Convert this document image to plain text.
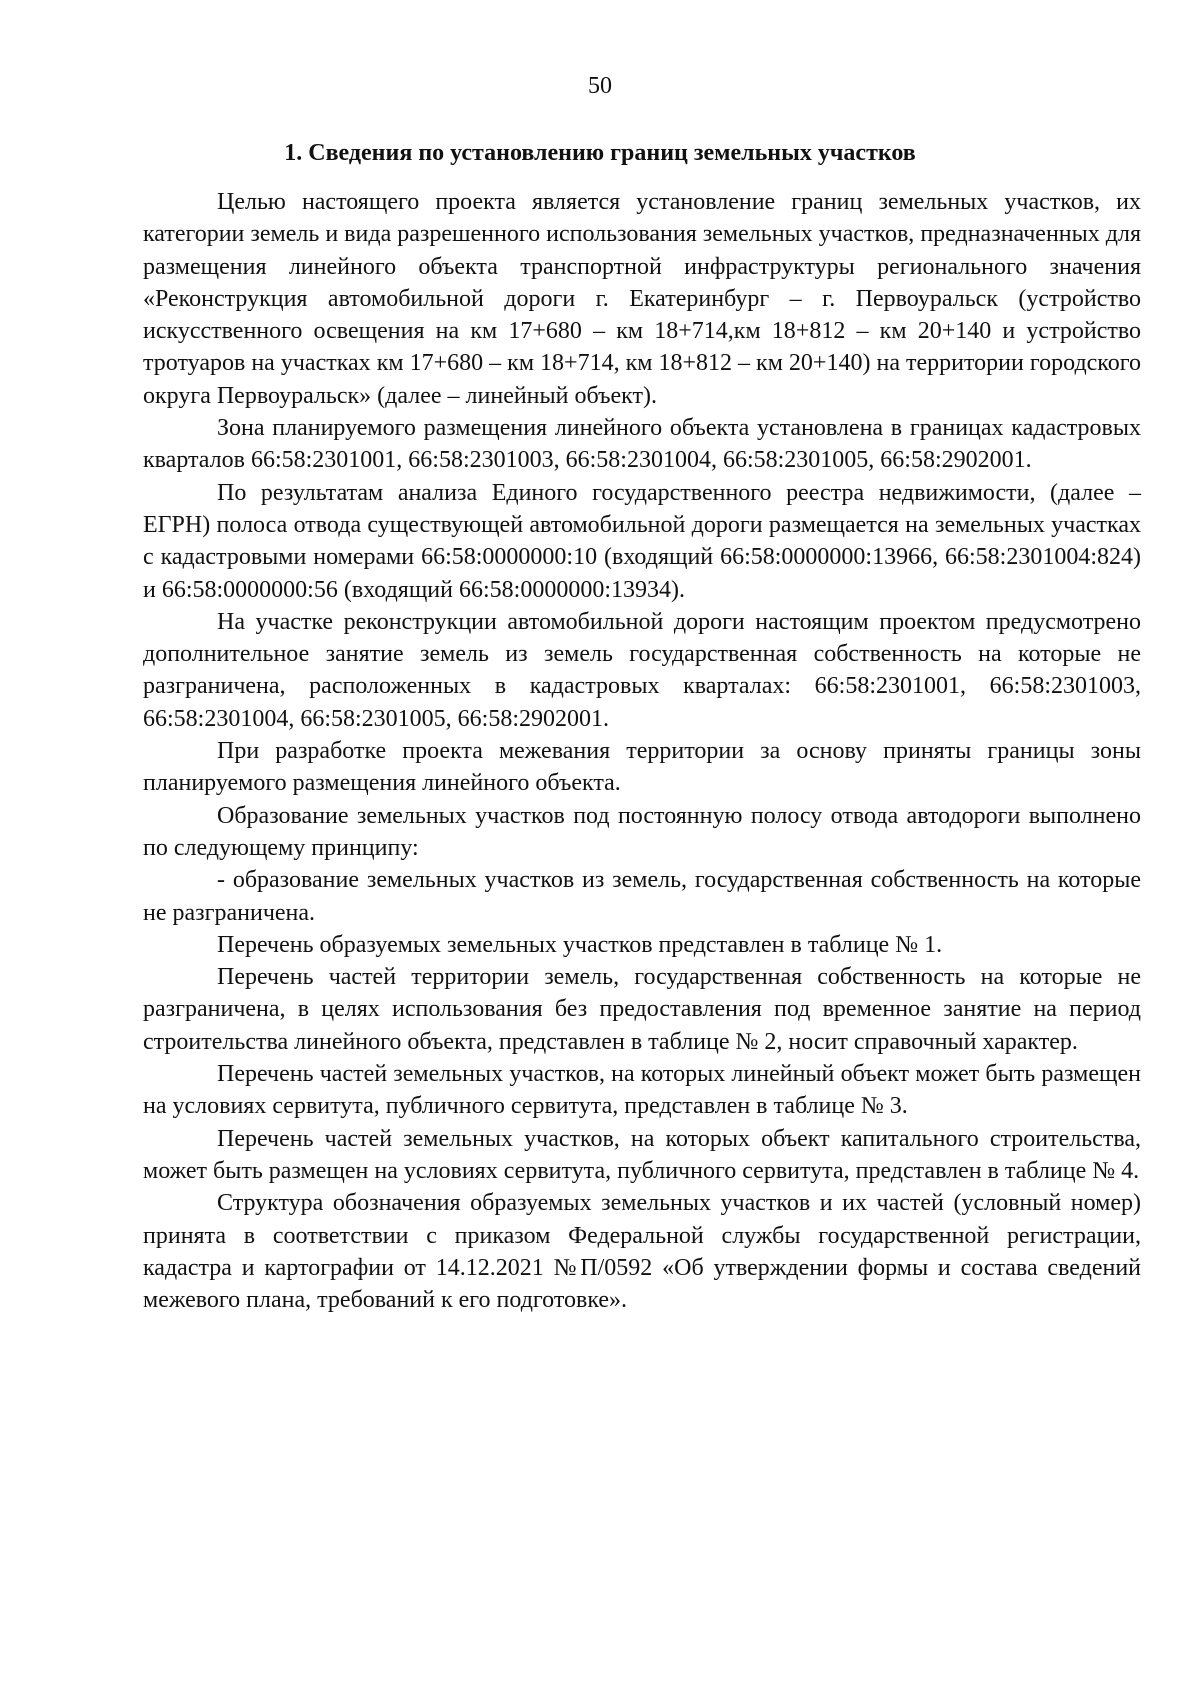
50
1. Сведения по установлению границ земельных участков

Целью настоящего проекта является установление границ земельных участков, их категории земель и вида разрешенного использования земельных участков, предназначенных для размещения линейного объекта транспортной инфраструктуры регионального значения «Реконструкция автомобильной дороги г. Екатеринбург – г. Первоуральск (устройство искусственного освещения на км 17+680 – км 18+714,км 18+812 – км 20+140 и устройство тротуаров на участках км 17+680 – км 18+714, км 18+812 – км 20+140) на территории городского округа Первоуральск» (далее – линейный объект).

Зона планируемого размещения линейного объекта установлена в границах кадастровых кварталов 66:58:2301001, 66:58:2301003, 66:58:2301004, 66:58:2301005, 66:58:2902001.

По результатам анализа Единого государственного реестра недвижимости, (далее – ЕГРН) полоса отвода существующей автомобильной дороги размещается на земельных участках с кадастровыми номерами 66:58:0000000:10 (входящий 66:58:0000000:13966, 66:58:2301004:824) и 66:58:0000000:56 (входящий 66:58:0000000:13934).

На участке реконструкции автомобильной дороги настоящим проектом предусмотрено дополнительное занятие земель из земель государственная собственность на которые не разграничена, расположенных в кадастровых кварталах: 66:58:2301001, 66:58:2301003, 66:58:2301004, 66:58:2301005, 66:58:2902001.

При разработке проекта межевания территории за основу приняты границы зоны планируемого размещения линейного объекта.

Образование земельных участков под постоянную полосу отвода автодороги выполнено по следующему принципу:

- образование земельных участков из земель, государственная собственность на которые не разграничена.

Перечень образуемых земельных участков представлен в таблице № 1.

Перечень частей территории земель, государственная собственность на которые не разграничена, в целях использования без предоставления под временное занятие на период строительства линейного объекта, представлен в таблице № 2, носит справочный характер.

Перечень частей земельных участков, на которых линейный объект может быть размещен на условиях сервитута, публичного сервитута, представлен в таблице № 3.

Перечень частей земельных участков, на которых объект капитального строительства, может быть размещен на условиях сервитута, публичного сервитута, представлен в таблице № 4.

Структура обозначения образуемых земельных участков и их частей (условный номер) принята в соответствии с приказом Федеральной службы государственной регистрации, кадастра и картографии от 14.12.2021 №П/0592 «Об утверждении формы и состава сведений межевого плана, требований к его подготовке».
